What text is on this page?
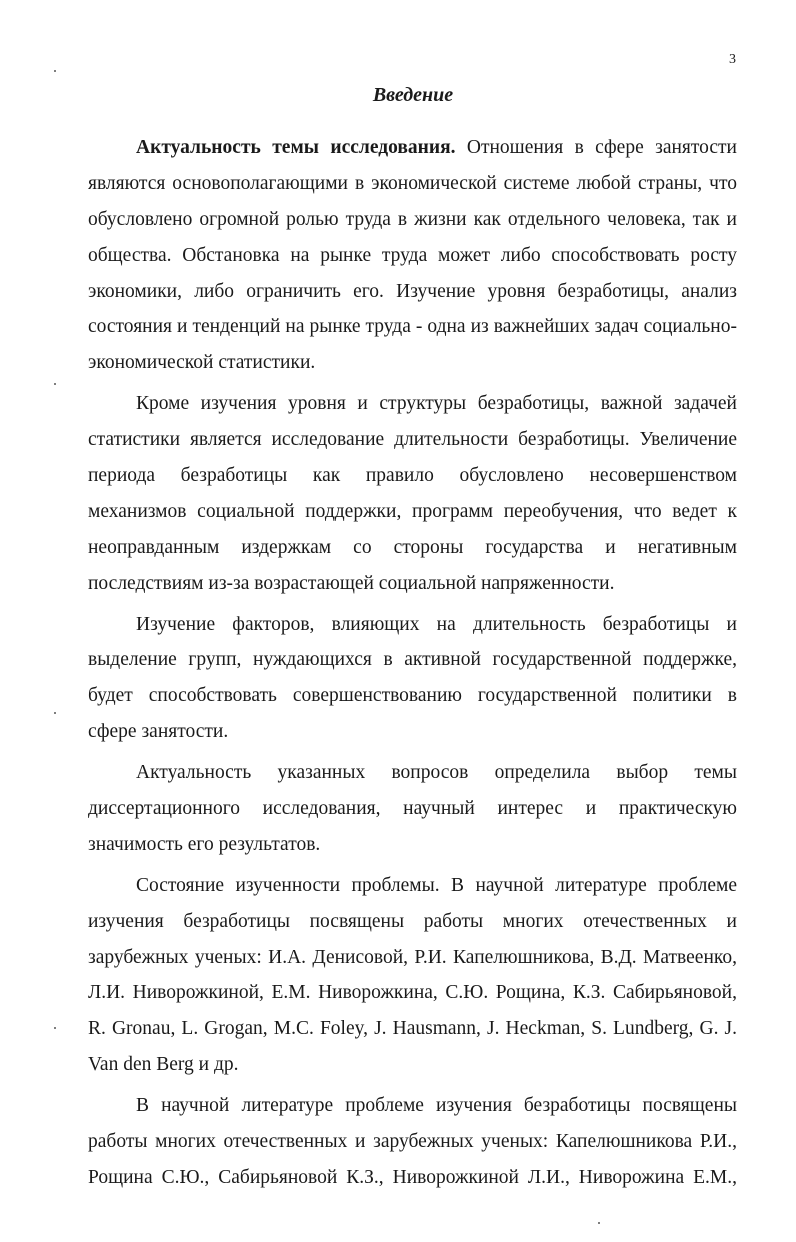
3
Введение
Актуальность темы исследования. Отношения в сфере занятости
являются основополагающими в экономической системе любой страны, что
обусловлено огромной ролью труда в жизни как отдельного человека, так и
общества. Обстановка на рынке труда может либо способствовать росту
экономики, либо ограничить его. Изучение уровня безработицы, анализ
состояния и тенденций на рынке труда - одна из важнейших задач социально-
экономической статистики.
Кроме изучения уровня и структуры безработицы, важной задачей
статистики является исследование длительности безработицы. Увеличение
периода безработицы как правило обусловлено несовершенством
механизмов социальной поддержки, программ переобучения, что ведет к
неоправданным издержкам со стороны государства и негативным
последствиям из-за возрастающей социальной напряженности.
Изучение факторов, влияющих на длительность безработицы и
выделение групп, нуждающихся в активной государственной поддержке,
будет способствовать совершенствованию государственной политики в
сфере занятости.
Актуальность указанных вопросов определила выбор темы
диссертационного исследования, научный интерес и практическую
значимость его результатов.
Состояние изученности проблемы. В научной литературе проблеме
изучения безработицы посвящены работы многих отечественных и
зарубежных ученых: И.А. Денисовой, Р.И. Капелюшникова, В.Д. Матвеенко,
Л.И. Ниворожкиной, Е.М. Ниворожкина, С.Ю. Рощина, К.З. Сабирьяновой,
R. Gronau, L. Grogan, M.C. Foley, J. Hausmann, J. Heckman, S. Lundberg, G. J.
Van den Berg и др.
В научной литературе проблеме изучения безработицы посвящены
работы многих отечественных и зарубежных ученых: Капелюшникова Р.И.,
Рощина С.Ю., Сабирьяновой К.З., Ниворожкиной Л.И., Ниворожина Е.М.,
